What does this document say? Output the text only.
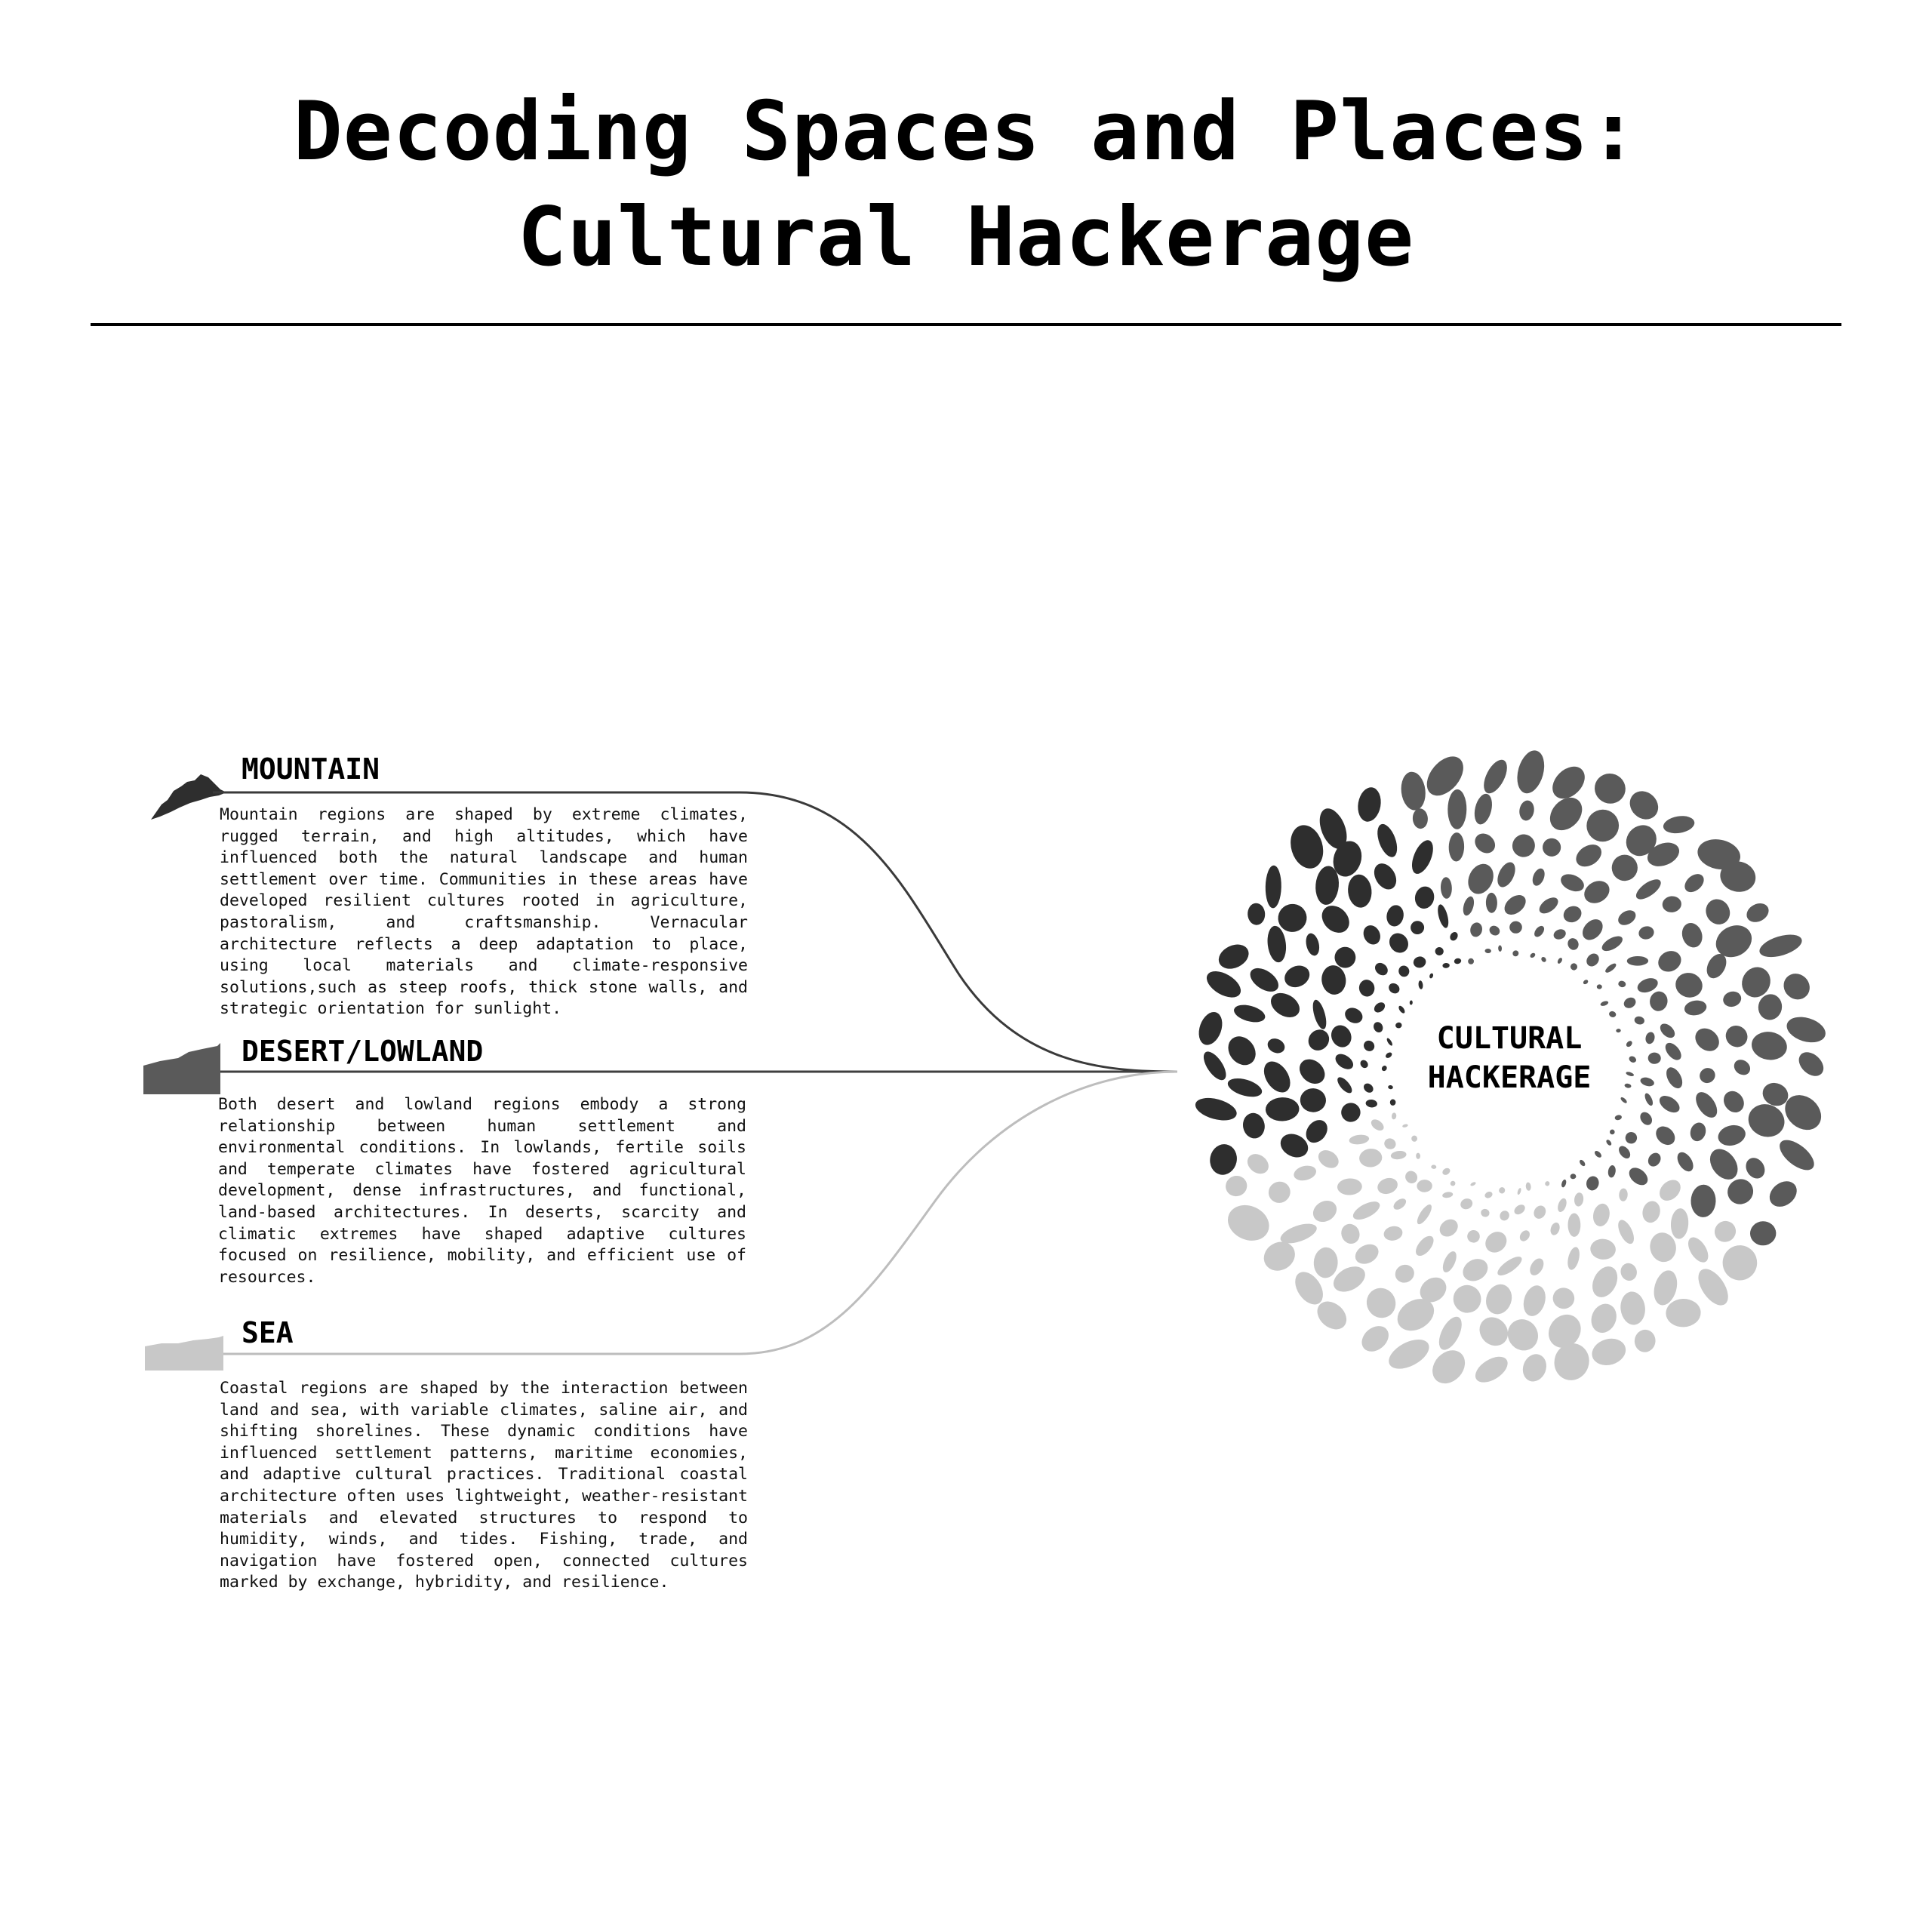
Decoding Spaces and Places:
Cultural Hackerage
MOUNTAIN
Mountain regions are shaped by extreme climates, rugged terrain, and high altitudes, which have influenced both the natural landscape and human settlement over time. Communities in these areas have developed resilient cultures rooted in agriculture, pastoralism, and craftsmanship. Vernacular architecture reflects a deep adaptation to place, using local materials and climate-responsive solutions,such as steep roofs, thick stone walls, and strategic orientation for sunlight.
DESERT/LOWLAND
Both desert and lowland regions embody a strong relationship between human settlement and environmental conditions. In lowlands, fertile soils and temperate climates have fostered agricultural development, dense infrastructures, and functional, land-based architectures. In deserts, scarcity and climatic extremes have shaped adaptive cultures focused on resilience, mobility, and efficient use of resources.
SEA
Coastal regions are shaped by the interaction between land and sea, with variable climates, saline air, and shifting shorelines. These dynamic conditions have influenced settlement patterns, maritime economies, and adaptive cultural practices. Traditional coastal architecture often uses lightweight, weather-resistant materials and elevated structures to respond to humidity, winds, and tides. Fishing, trade, and navigation have fostered open, connected cultures marked by exchange, hybridity, and resilience.
CULTURAL
HACKERAGE
